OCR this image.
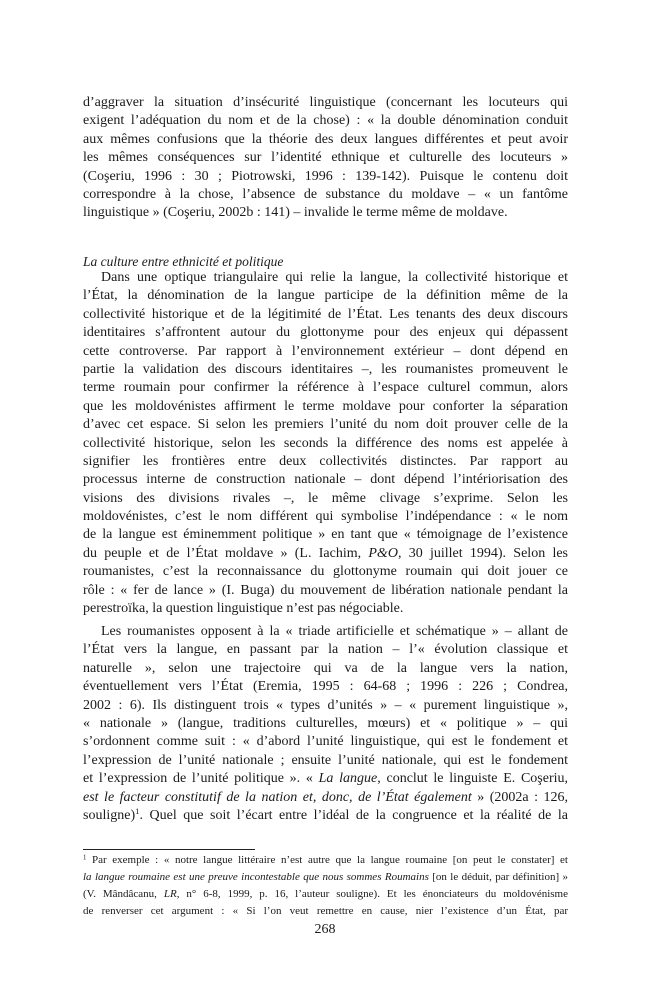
La culture entre ethnicité et politique
d’aggraver la situation d’insécurité linguistique (concernant les locuteurs qui
exigent l’adéquation du nom et de la chose) : « la double dénomination conduit
aux mêmes confusions que la théorie des deux langues différentes et peut avoir
les mêmes conséquences sur l’identité ethnique et culturelle des locuteurs »
(Coşeriu, 1996 : 30 ; Piotrowski, 1996 : 139-142). Puisque le contenu doit
correspondre à la chose, l’absence de substance du moldave – « un fantôme
linguistique » (Coşeriu, 2002b : 141) – invalide le terme même de moldave.
Dans une optique triangulaire qui relie la langue, la collectivité historique et
l’État, la dénomination de la langue participe de la définition même de la
collectivité historique et de la légitimité de l’État. Les tenants des deux discours
identitaires s’affrontent autour du glottonyme pour des enjeux qui dépassent
cette controverse. Par rapport à l’environnement extérieur – dont dépend en
partie la validation des discours identitaires –, les roumanistes promeuvent le
terme roumain pour confirmer la référence à l’espace culturel commun, alors
que les moldovénistes affirment le terme moldave pour conforter la séparation
d’avec cet espace. Si selon les premiers l’unité du nom doit prouver celle de la
collectivité historique, selon les seconds la différence des noms est appelée à
signifier les frontières entre deux collectivités distinctes. Par rapport au
processus interne de construction nationale – dont dépend l’intériorisation des
visions des divisions rivales –, le même clivage s’exprime. Selon les
moldovénistes, c’est le nom différent qui symbolise l’indépendance : « le nom
de la langue est éminemment politique » en tant que « témoignage de l’existence
du peuple et de l’État moldave » (L. Iachim, P&O, 30 juillet 1994). Selon les
roumanistes, c’est la reconnaissance du glottonyme roumain qui doit jouer ce
rôle : « fer de lance » (I. Buga) du mouvement de libération nationale pendant la
perestroïka, la question linguistique n’est pas négociable.
Les roumanistes opposent à la « triade artificielle et schématique » – allant de
l’État vers la langue, en passant par la nation – l’« évolution classique et
naturelle », selon une trajectoire qui va de la langue vers la nation,
éventuellement vers l’État (Eremia, 1995 : 64-68 ; 1996 : 226 ; Condrea,
2002 : 6). Ils distinguent trois « types d’unités » – « purement linguistique »,
« nationale » (langue, traditions culturelles, mœurs) et « politique » – qui
s’ordonnent comme suit : « d’abord l’unité linguistique, qui est le fondement et
l’expression de l’unité nationale ; ensuite l’unité nationale, qui est le fondement
et l’expression de l’unité politique ». « La langue, conclut le linguiste E. Coşeriu,
est le facteur constitutif de la nation et, donc, de l’État également » (2002a : 126,
souligne)$^1$. Quel que soit l’écart entre l’idéal de la congruence et la réalité de la
$^1$ Par exemple : « notre langue littéraire n’est autre que la langue roumaine [on peut le constater] et
la langue roumaine est une preuve incontestable que nous sommes Roumains [on le déduit, par définition] »
(V. Mândâcanu, LR, n° 6-8, 1999, p. 16, l’auteur souligne). Et les énonciateurs du moldovénisme
de renverser cet argument : « Si l’on veut remettre en cause, nier l’existence d’un État, par
268
